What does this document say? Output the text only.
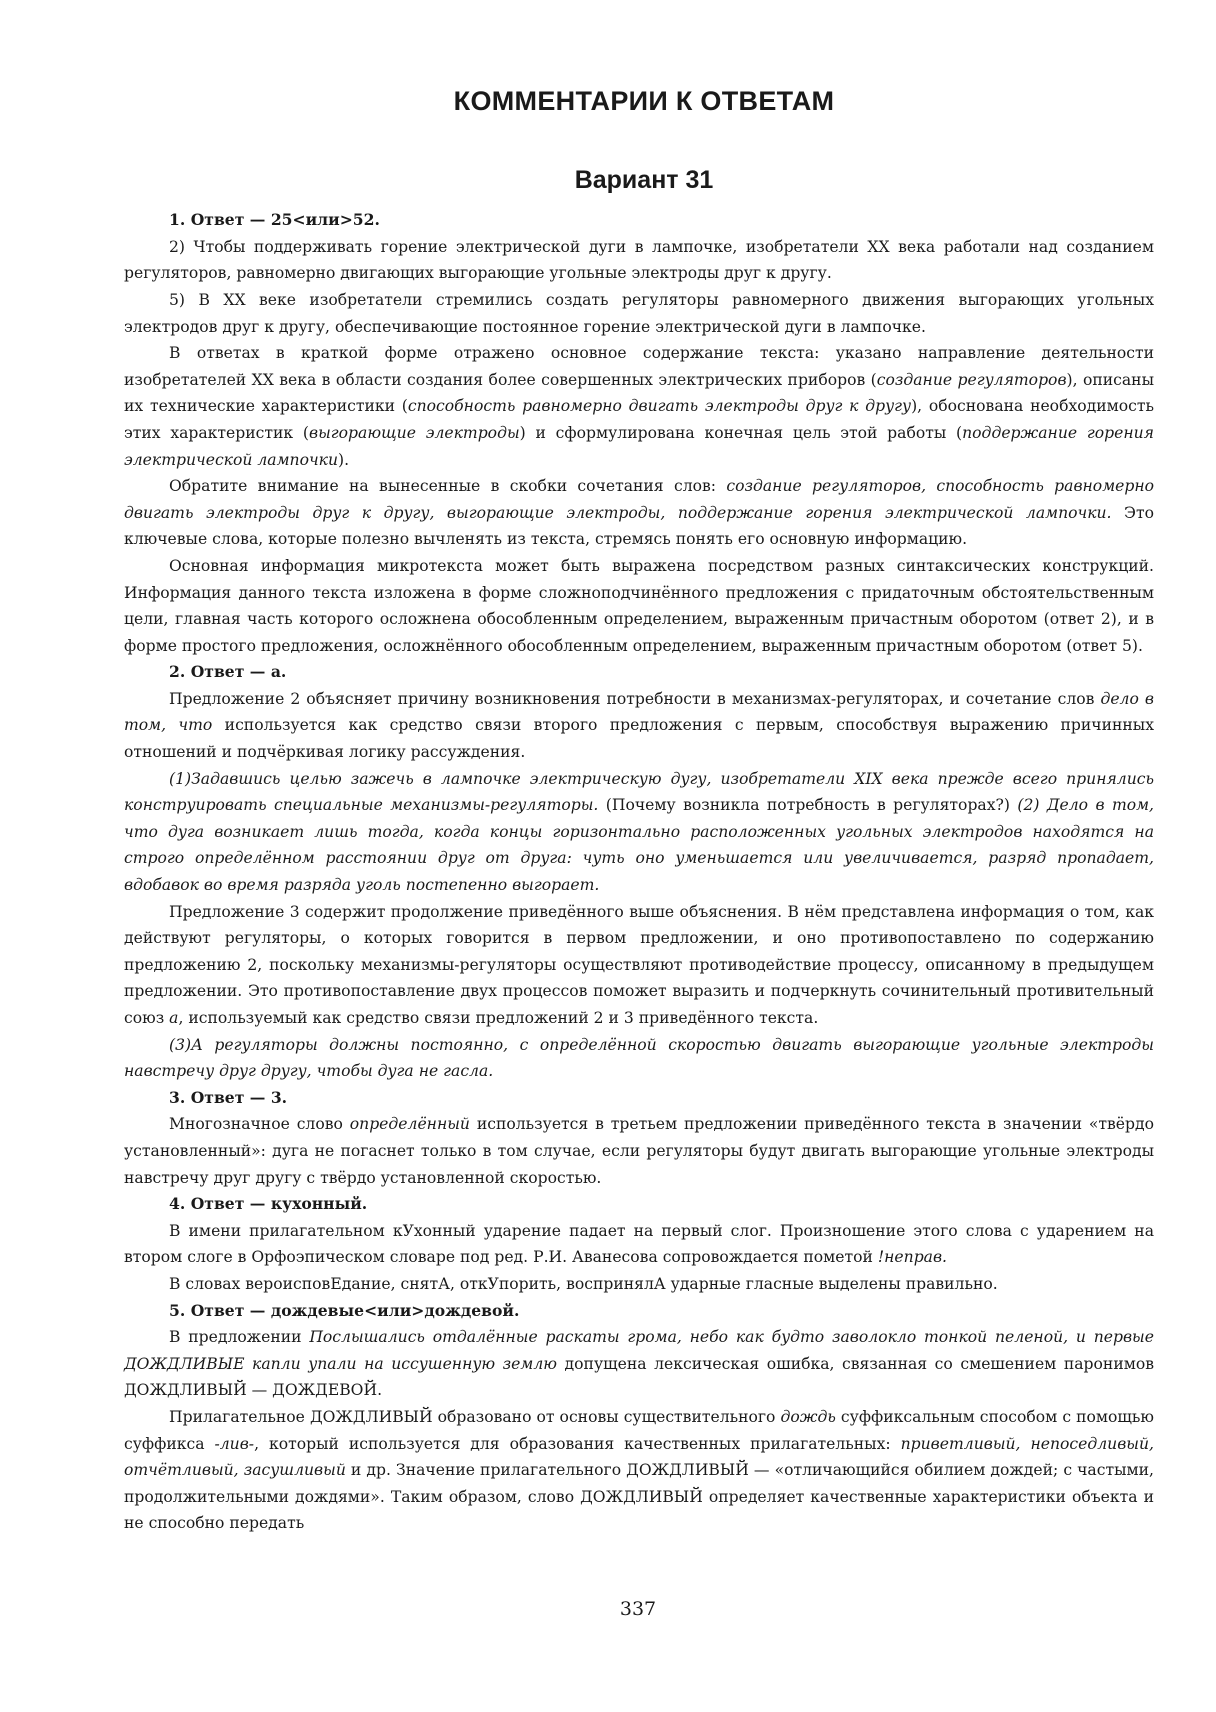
КОММЕНТАРИИ К ОТВЕТАМ
Вариант 31

1. Ответ — 25<или>52.

2) Чтобы поддерживать горение электрической дуги в лампочке, изобретатели XX века работали над созданием регуляторов, равномерно двигающих выгорающие угольные электроды друг к другу.

5) В XX веке изобретатели стремились создать регуляторы равномерного движения выгорающих угольных электродов друг к другу, обеспечивающие постоянное горение электрической дуги в лампочке.

В ответах в краткой форме отражено основное содержание текста: указано направление деятельности изобретателей XX века в области создания более совершенных электрических приборов (создание регуляторов), описаны их технические характеристики (способность равномерно двигать электроды друг к другу), обоснована необходимость этих характеристик (выгорающие электроды) и сформулирована конечная цель этой работы (поддержание горения электрической лампочки).

Обратите внимание на вынесенные в скобки сочетания слов: создание регуляторов, способность равномерно двигать электроды друг к другу, выгорающие электроды, поддержание горения электрической лампочки. Это ключевые слова, которые полезно вычленять из текста, стремясь понять его основную информацию.

Основная информация микротекста может быть выражена посредством разных синтаксических конструкций. Информация данного текста изложена в форме сложноподчинённого предложения с придаточным обстоятельственным цели, главная часть которого осложнена обособленным определением, выраженным причастным оборотом (ответ 2), и в форме простого предложения, осложнённого обособленным определением, выраженным причастным оборотом (ответ 5).

2. Ответ — а.

Предложение 2 объясняет причину возникновения потребности в механизмах-регуляторах, и сочетание слов дело в том, что используется как средство связи второго предложения с первым, способствуя выражению причинных отношений и подчёркивая логику рассуждения.

(1)Задавшись целью зажечь в лампочке электрическую дугу, изобретатели XIX века прежде всего принялись конструировать специальные механизмы-регуляторы. (Почему возникла потребность в регуляторах?) (2) Дело в том, что дуга возникает лишь тогда, когда концы горизонтально расположенных угольных электродов находятся на строго определённом расстоянии друг от друга: чуть оно уменьшается или увеличивается, разряд пропадает, вдобавок во время разряда уголь постепенно выгорает.

Предложение 3 содержит продолжение приведённого выше объяснения. В нём представлена информация о том, как действуют регуляторы, о которых говорится в первом предложении, и оно противопоставлено по содержанию предложению 2, поскольку механизмы-регуляторы осуществляют противодействие процессу, описанному в предыдущем предложении. Это противопоставление двух процессов поможет выразить и подчеркнуть сочинительный противительный союз а, используемый как средство связи предложений 2 и 3 приведённого текста.

(3)А регуляторы должны постоянно, с определённой скоростью двигать выгорающие угольные электроды навстречу друг другу, чтобы дуга не гасла.

3. Ответ — 3.

Многозначное слово определённый используется в третьем предложении приведённого текста в значении «твёрдо установленный»: дуга не погаснет только в том случае, если регуляторы будут двигать выгорающие угольные электроды навстречу друг другу с твёрдо установленной скоростью.

4. Ответ — кухонный.

В имени прилагательном кУхонный ударение падает на первый слог. Произношение этого слова с ударением на втором слоге в Орфоэпическом словаре под ред. Р.И. Аванесова сопровождается пометой !неправ.

В словах вероисповЕдание, снятА, откУпорить, воспринялА ударные гласные выделены правильно.

5. Ответ — дождевые<или>дождевой.

В предложении Послышались отдалённые раскаты грома, небо как будто заволокло тонкой пеленой, и первые ДОЖДЛИВЫЕ капли упали на иссушенную землю допущена лексическая ошибка, связанная со смешением паронимов ДОЖДЛИВЫЙ — ДОЖДЕВОЙ.

Прилагательное ДОЖДЛИВЫЙ образовано от основы существительного дождь суффиксальным способом с помощью суффикса -лив-, который используется для образования качественных прилагательных: приветливый, непоседливый, отчётливый, засушливый и др. Значение прилагательного ДОЖДЛИВЫЙ — «отличающийся обилием дождей; с частыми, продолжительными дождями». Таким образом, слово ДОЖДЛИВЫЙ определяет качественные характеристики объекта и не способно передать

337
